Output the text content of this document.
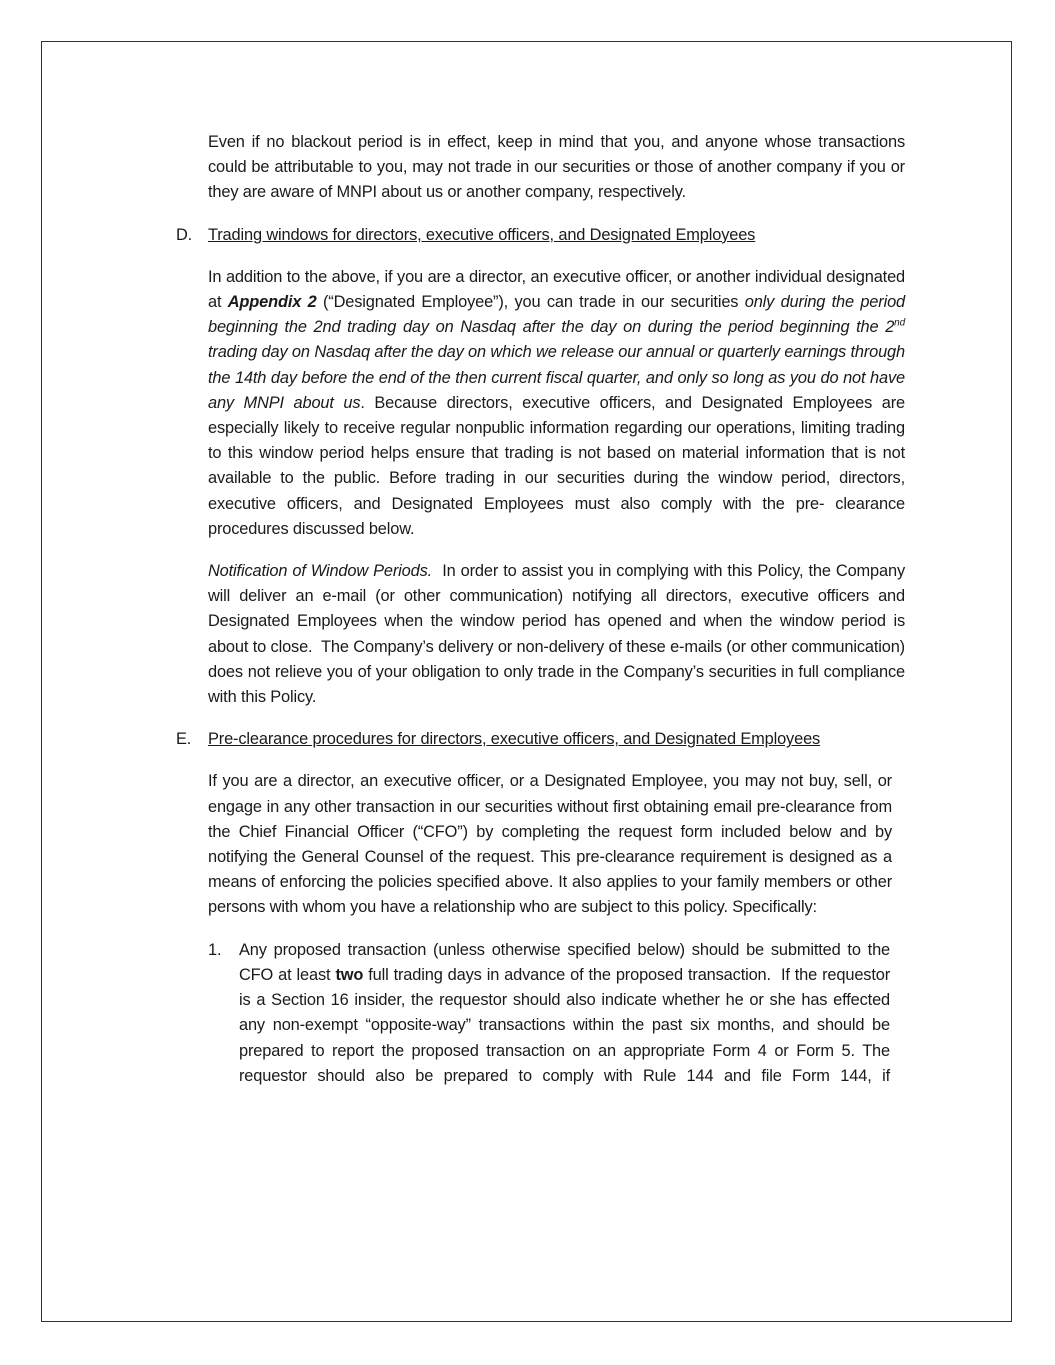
Even if no blackout period is in effect, keep in mind that you, and anyone whose transactions could be attributable to you, may not trade in our securities or those of another company if you or they are aware of MNPI about us or another company, respectively.

D. Trading windows for directors, executive officers, and Designated Employees

In addition to the above, if you are a director, an executive officer, or another individual designated at Appendix 2 (“Designated Employee”), you can trade in our securities only during the period beginning the 2nd trading day on Nasdaq after the day on during the period beginning the 2nd trading day on Nasdaq after the day on which we release our annual or quarterly earnings through the 14th day before the end of the then current fiscal quarter, and only so long as you do not have any MNPI about us. Because directors, executive officers, and Designated Employees are especially likely to receive regular nonpublic information regarding our operations, limiting trading to this window period helps ensure that trading is not based on material information that is not available to the public. Before trading in our securities during the window period, directors, executive officers, and Designated Employees must also comply with the pre- clearance procedures discussed below.

Notification of Window Periods.  In order to assist you in complying with this Policy, the Company will deliver an e-mail (or other communication) notifying all directors, executive officers and Designated Employees when the window period has opened and when the window period is about to close.  The Company’s delivery or non-delivery of these e-mails (or other communication) does not relieve you of your obligation to only trade in the Company’s securities in full compliance with this Policy.

E. Pre-clearance procedures for directors, executive officers, and Designated Employees

If you are a director, an executive officer, or a Designated Employee, you may not buy, sell, or engage in any other transaction in our securities without first obtaining email pre-clearance from the Chief Financial Officer (“CFO”) by completing the request form included below and by notifying the General Counsel of the request. This pre-clearance requirement is designed as a means of enforcing the policies specified above. It also applies to your family members or other persons with whom you have a relationship who are subject to this policy. Specifically:

1. Any proposed transaction (unless otherwise specified below) should be submitted to the CFO at least two full trading days in advance of the proposed transaction.  If the requestor is a Section 16 insider, the requestor should also indicate whether he or she has effected any non-exempt “opposite-way” transactions within the past six months, and should be prepared to report the proposed transaction on an appropriate Form 4 or Form 5. The requestor should also be prepared to comply with Rule 144 and file Form 144, if
